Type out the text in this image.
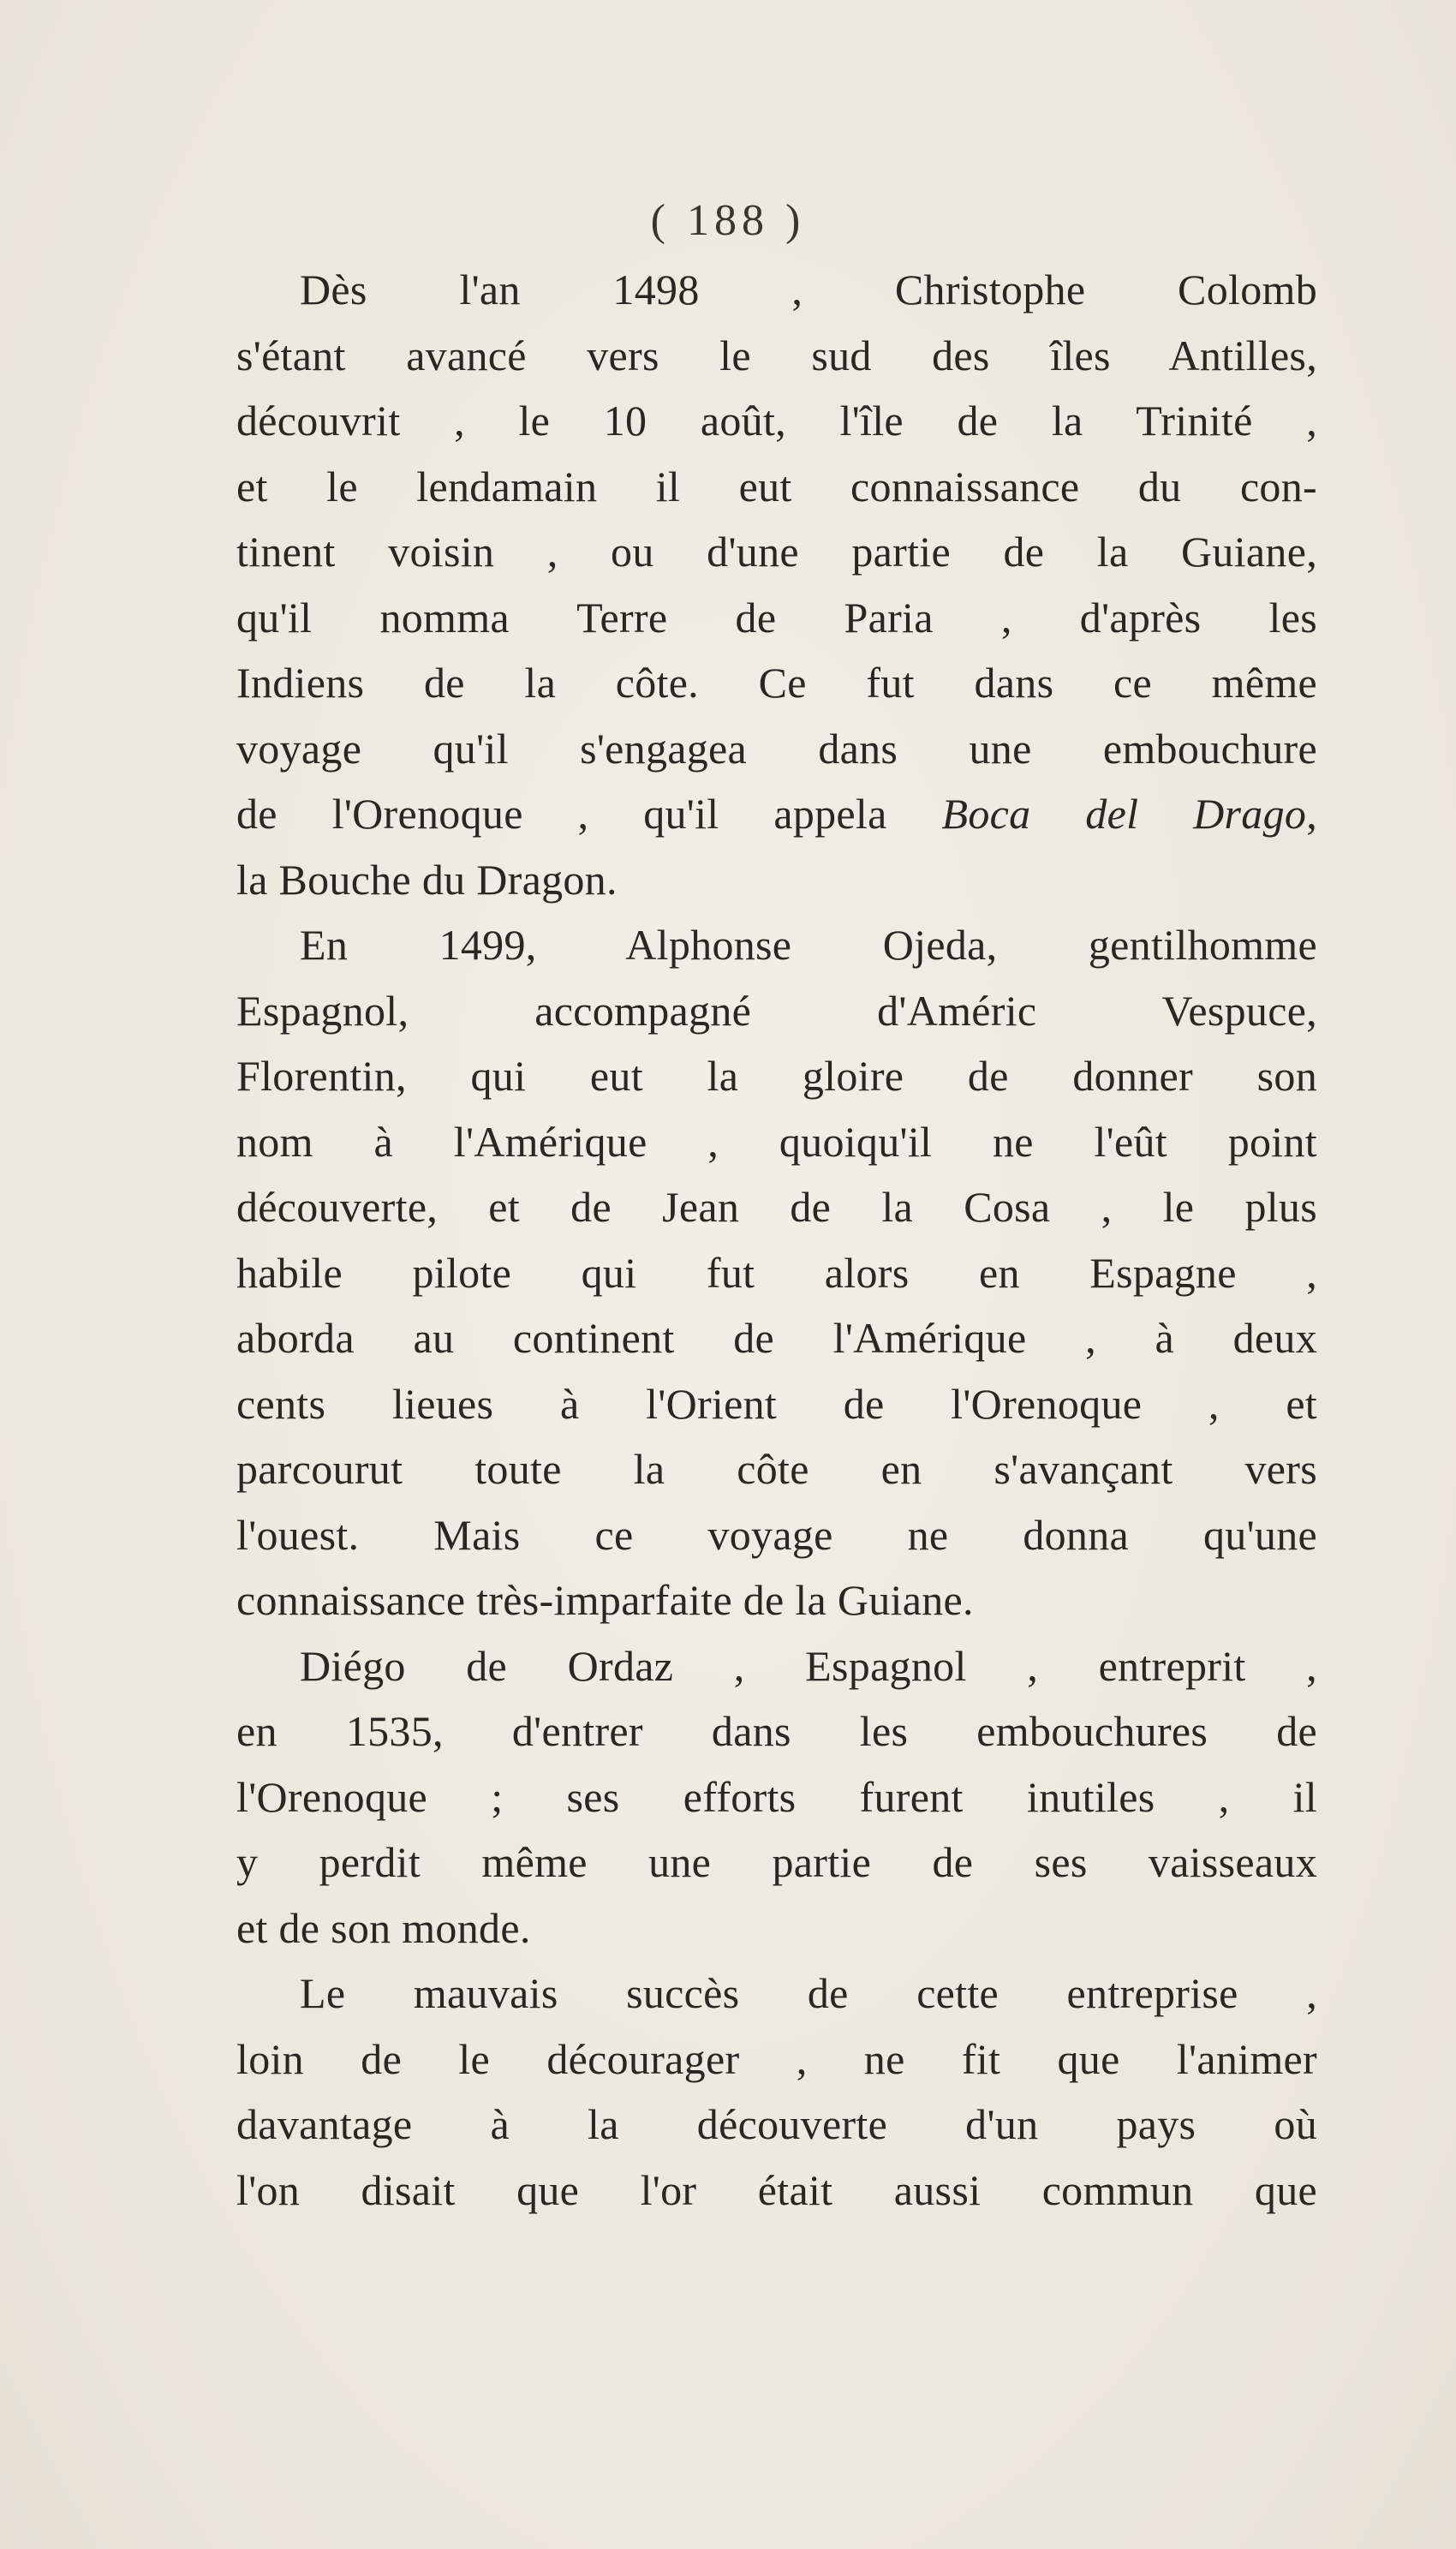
( 188 )
Dès l'an 1498 , Christophe Colomb
s'étant avancé vers le sud des îles Antilles,
découvrit , le 10 août, l'île de la Trinité ,
et le lendamain il eut connaissance du con-
tinent voisin , ou d'une partie de la Guiane,
qu'il nomma Terre de Paria , d'après les
Indiens de la côte. Ce fut dans ce même
voyage qu'il s'engagea dans une embouchure
de l'Orenoque , qu'il appela Boca del Drago,
la Bouche du Dragon.
En 1499, Alphonse Ojeda, gentilhomme
Espagnol, accompagné d'Améric Vespuce,
Florentin, qui eut la gloire de donner son
nom à l'Amérique , quoiqu'il ne l'eût point
découverte, et de Jean de la Cosa , le plus
habile pilote qui fut alors en Espagne ,
aborda au continent de l'Amérique , à deux
cents lieues à l'Orient de l'Orenoque , et
parcourut toute la côte en s'avançant vers
l'ouest. Mais ce voyage ne donna qu'une
connaissance très-imparfaite de la Guiane.
Diégo de Ordaz , Espagnol , entreprit ,
en 1535, d'entrer dans les embouchures de
l'Orenoque ; ses efforts furent inutiles , il
y perdit même une partie de ses vaisseaux
et de son monde.
Le mauvais succès de cette entreprise ,
loin de le décourager , ne fit que l'animer
davantage à la découverte d'un pays où
l'on disait que l'or était aussi commun que
